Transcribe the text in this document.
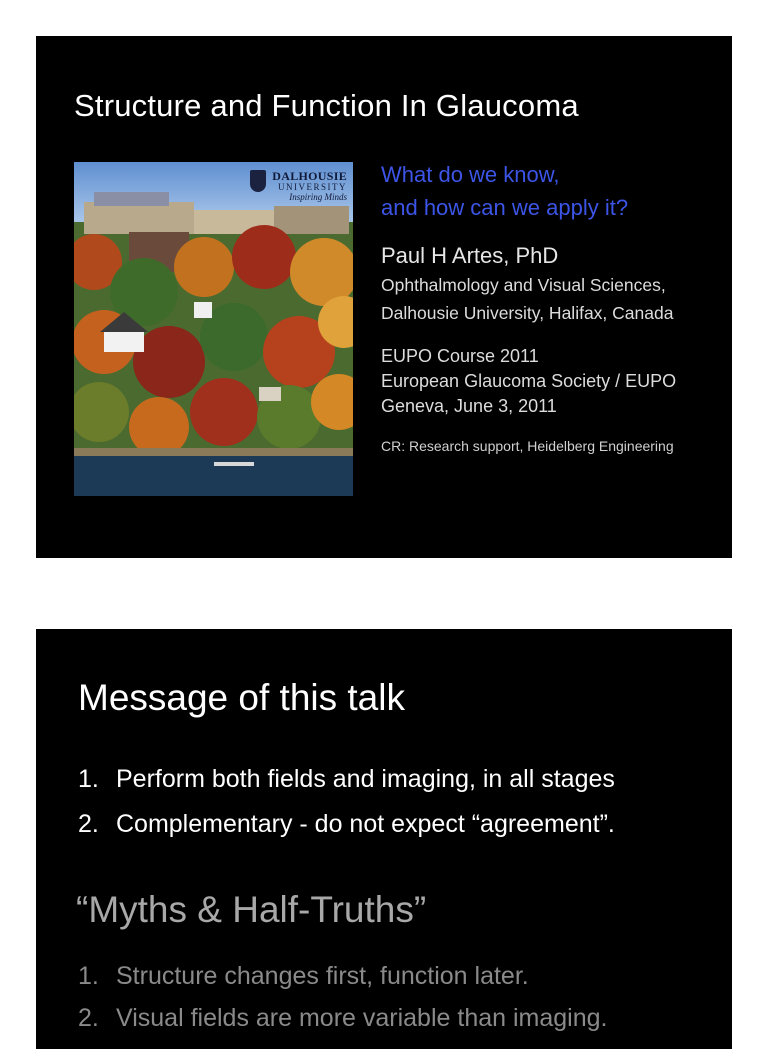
Structure and Function In Glaucoma
DALHOUSIE
UNIVERSITY
Inspiring Minds

What do we know,
and how can we apply it?

Paul H Artes, PhD
Ophthalmology and Visual Sciences,
Dalhousie University, Halifax, Canada
EUPO Course 2011
European Glaucoma Society / EUPO
Geneva, June 3, 2011
CR: Research support, Heidelberg Engineering
Message of this talk
1. Perform both fields and imaging, in all stages
2. Complementary - do not expect “agreement”.
“Myths & Half-Truths”
1. Structure changes first, function later.
2. Visual fields are more variable than imaging.
